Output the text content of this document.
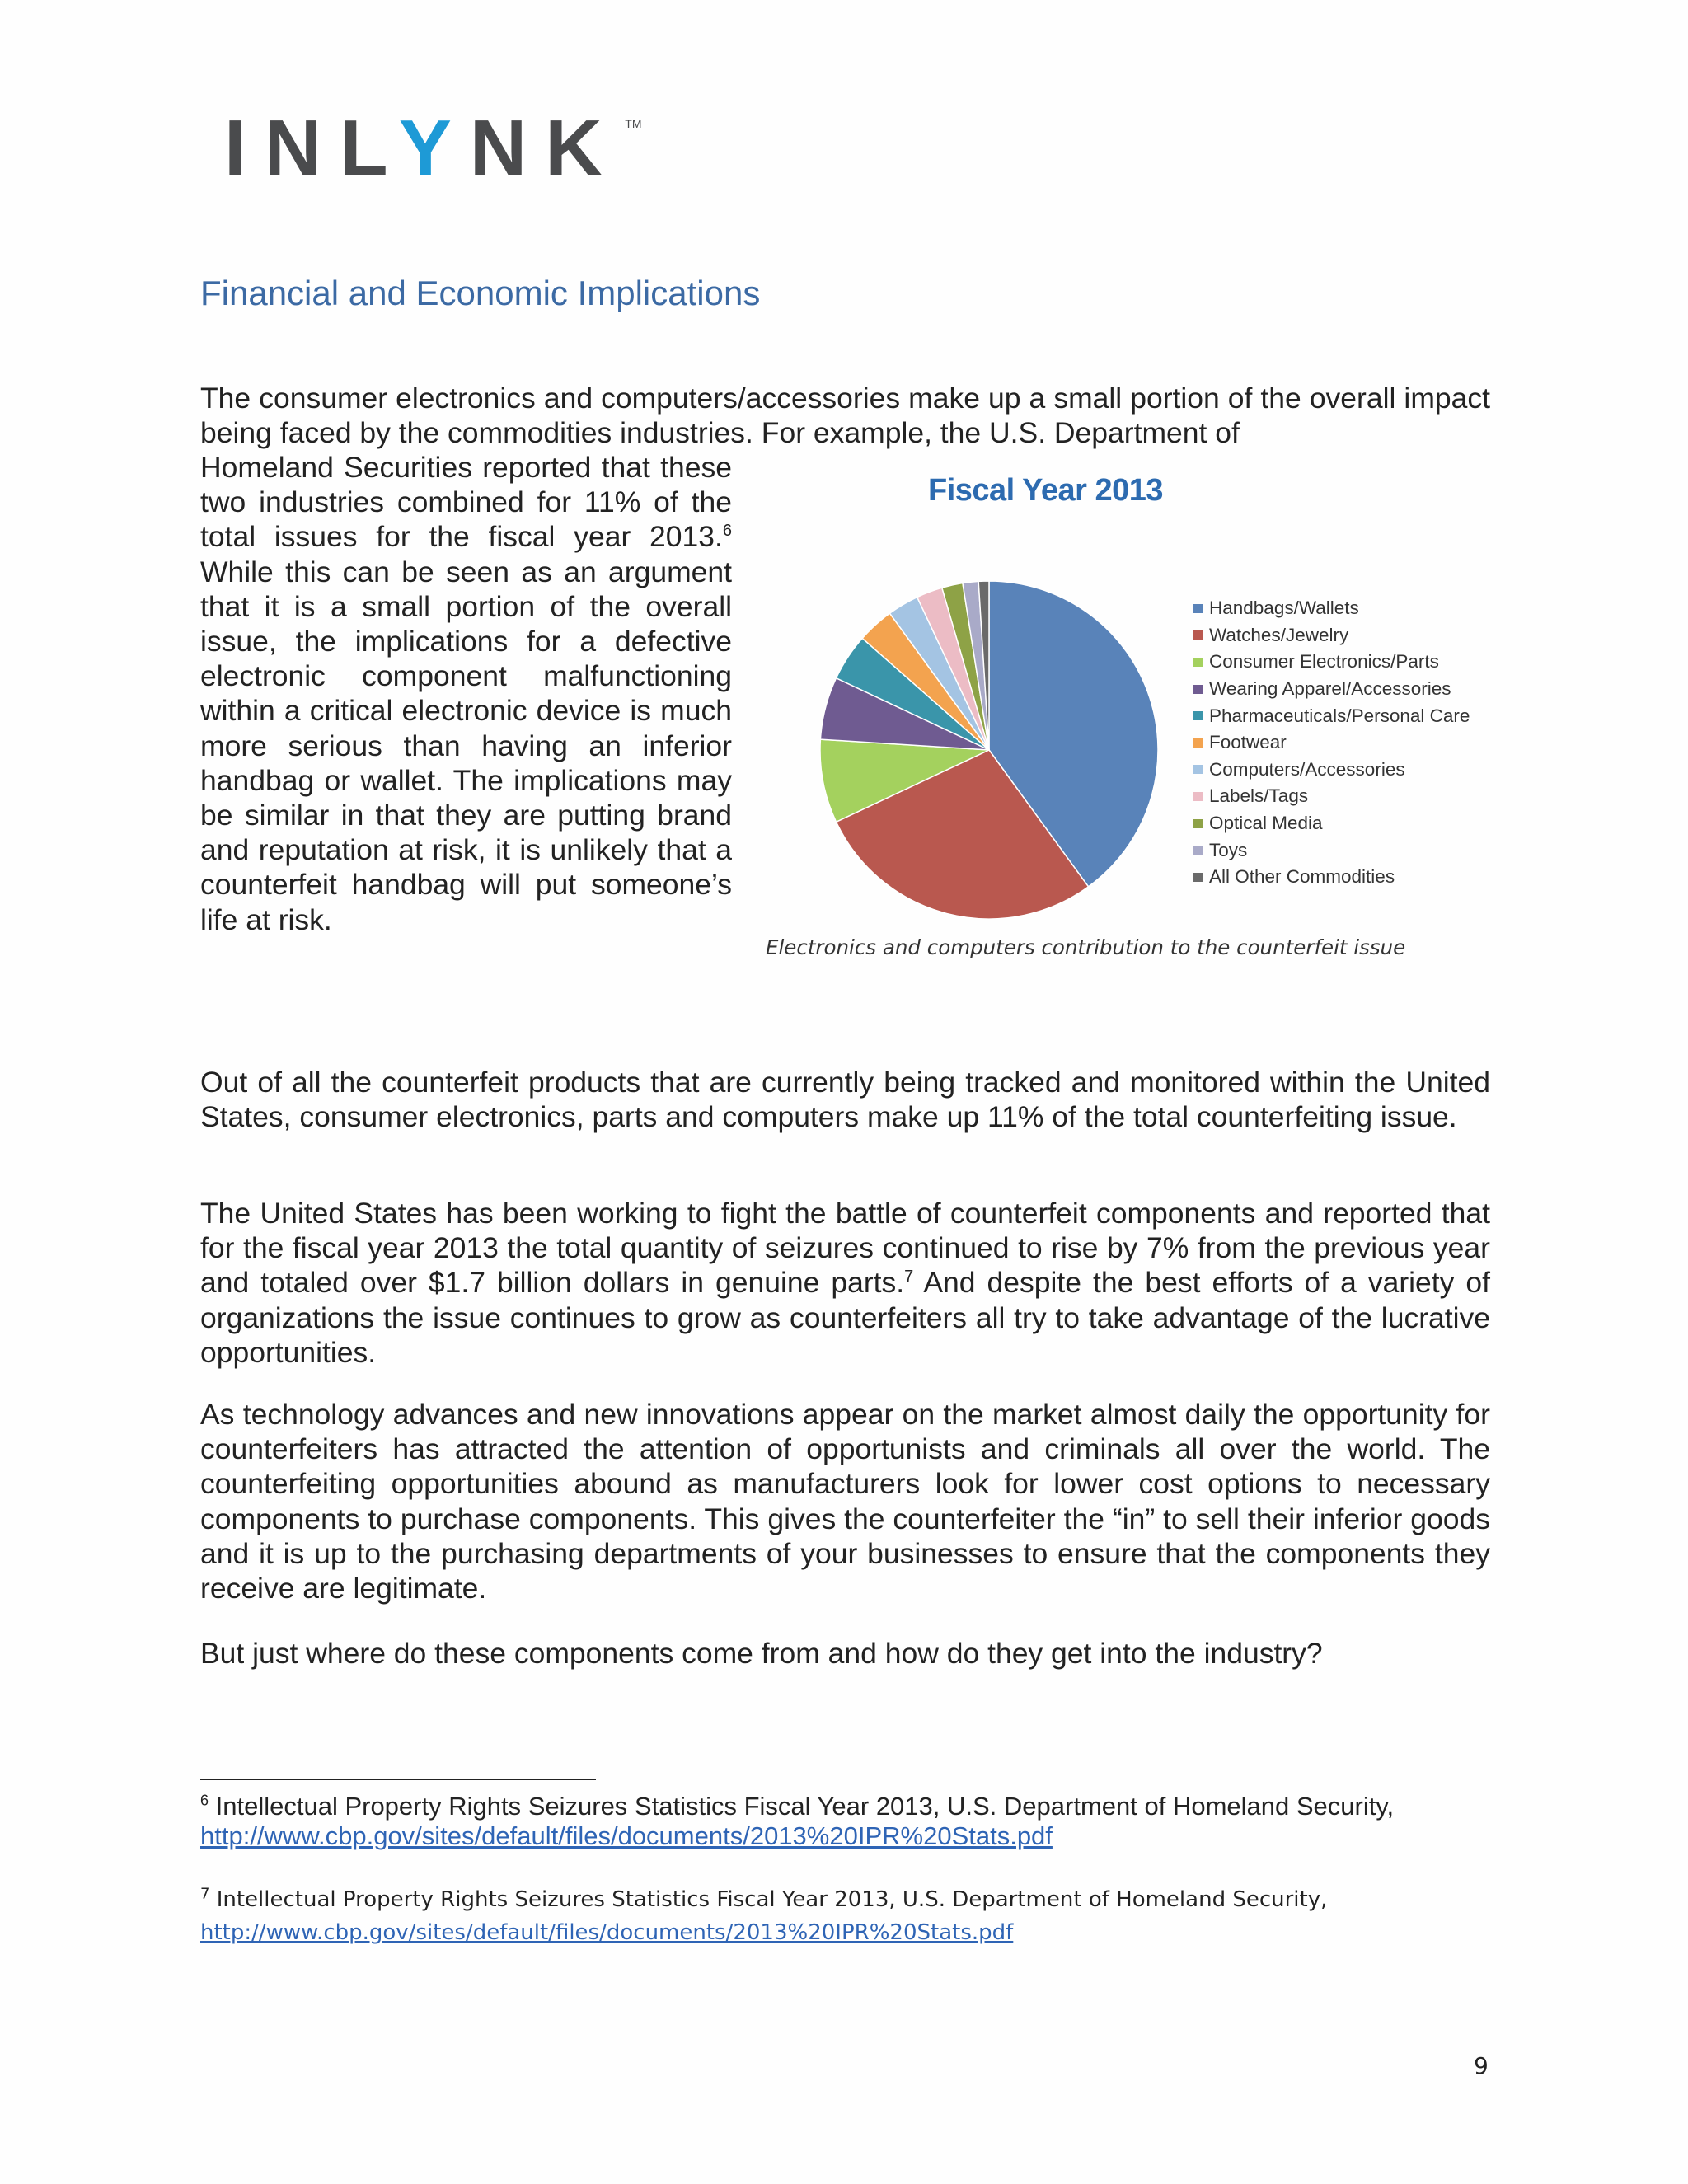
INLYNK TM
Financial and Economic Implications

The consumer electronics and computers/accessories make up a small portion of the overall impact being faced by the commodities industries. For example, the U.S. Department of

Homeland Securities reported that these two industries combined for 11% of the total issues for the fiscal year 2013.$^6$ While this can be seen as an argument that it is a small portion of the overall issue, the implications for a defective electronic component malfunctioning within a critical electronic device is much more serious than having an inferior handbag or wallet. The implications may be similar in that they are putting brand and reputation at risk, it is unlikely that a counterfeit handbag will put someone’s life at risk.

Fiscal Year 2013
Handbags/Wallets
Watches/Jewelry
Consumer Electronics/Parts
Wearing Apparel/Accessories
Pharmaceuticals/Personal Care
Footwear
Computers/Accessories
Labels/Tags
Optical Media
Toys
All Other Commodities
Electronics and computers contribution to the counterfeit issue

Out of all the counterfeit products that are currently being tracked and monitored within the United States, consumer electronics, parts and computers make up 11% of the total counterfeiting issue.

The United States has been working to fight the battle of counterfeit components and reported that for the fiscal year 2013 the total quantity of seizures continued to rise by 7% from the previous year and totaled over $1.7 billion dollars in genuine parts.$^7$ And despite the best efforts of a variety of organizations the issue continues to grow as counterfeiters all try to take advantage of the lucrative opportunities.

As technology advances and new innovations appear on the market almost daily the opportunity for counterfeiters has attracted the attention of opportunists and criminals all over the world. The counterfeiting opportunities abound as manufacturers look for lower cost options to necessary components to purchase components. This gives the counterfeiter the “in” to sell their inferior goods and it is up to the purchasing departments of your businesses to ensure that the components they receive are legitimate.

But just where do these components come from and how do they get into the industry?

$^6$ Intellectual Property Rights Seizures Statistics Fiscal Year 2013, U.S. Department of Homeland Security, http://www.cbp.gov/sites/default/files/documents/2013%20IPR%20Stats.pdf

$^7$ Intellectual Property Rights Seizures Statistics Fiscal Year 2013, U.S. Department of Homeland Security,
http://www.cbp.gov/sites/default/files/documents/2013%20IPR%20Stats.pdf

9
